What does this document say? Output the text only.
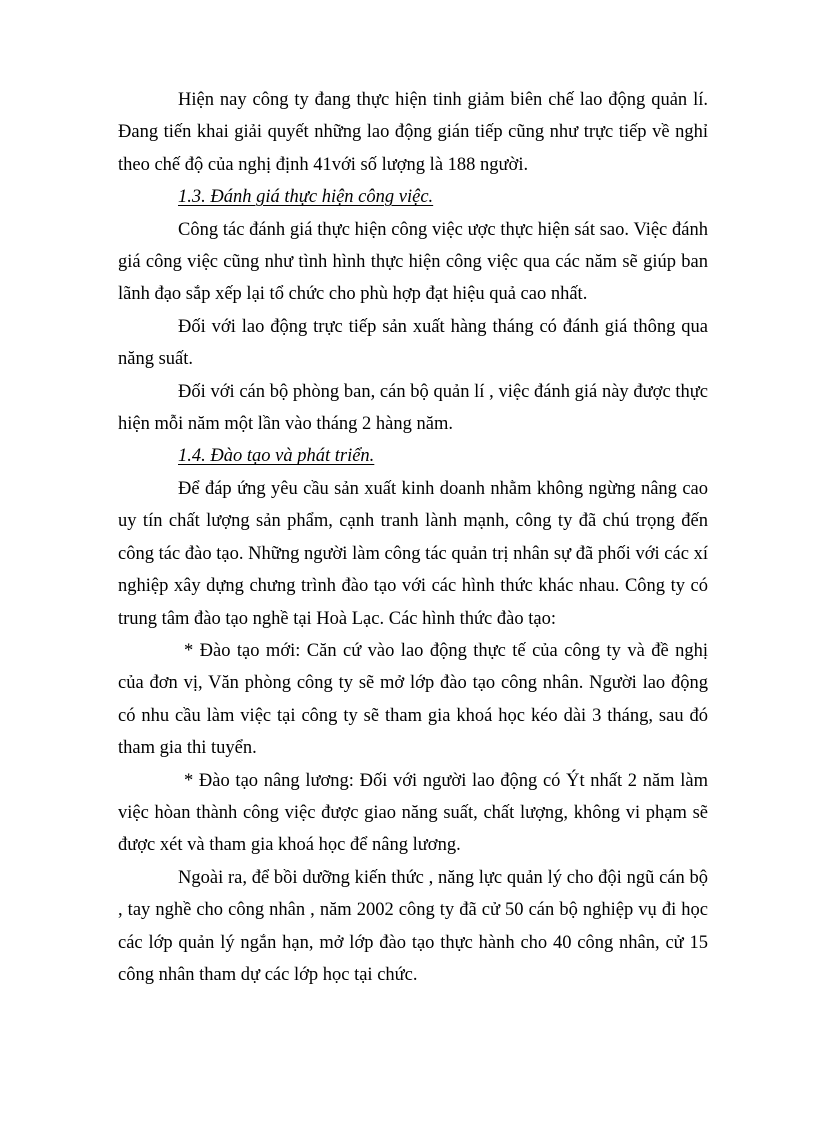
Hiện nay công ty đang thực hiện tinh giảm biên chế lao động quản lí. Đang tiến khai giải quyết những lao động gián tiếp cũng như trực tiếp về nghỉ theo chế độ của nghị định 41với số lượng là 188 người.

1.3. Đánh giá thực hiện công việc.

Công tác đánh giá thực hiện công việc ược thực hiện sát sao. Việc đánh giá công việc cũng như tình hình thực hiện công việc qua các năm sẽ giúp ban lãnh đạo sắp xếp lại tổ chức cho phù hợp đạt hiệu quả cao nhất.

Đối với lao động trực tiếp sản xuất hàng tháng có đánh giá thông qua năng suất.

Đối với cán bộ phòng ban, cán bộ quản lí , việc đánh giá này được thực hiện mỗi năm một lần vào tháng 2 hàng năm.

1.4. Đào tạo và phát triển.

Để đáp ứng yêu cầu sản xuất kinh doanh nhằm không ngừng nâng cao uy tín chất lượng sản phẩm, cạnh tranh lành mạnh, công ty đã chú trọng đến công tác đào tạo. Những người làm công tác quản trị nhân sự đã phối với các xí nghiệp xây dựng chưng trình đào tạo với các hình thức khác nhau. Công ty có trung tâm đào tạo nghề tại Hoà Lạc. Các hình thức đào tạo:

* Đào tạo mới: Căn cứ vào lao động thực tế của công ty và đề nghị của đơn vị, Văn phòng công ty sẽ mở lớp đào tạo công nhân. Người lao động có nhu cầu làm việc tại công ty sẽ tham gia khoá học kéo dài 3 tháng, sau đó tham gia thi tuyển.

* Đào tạo nâng lương: Đối với người lao động có Ýt nhất 2 năm làm việc hòan thành công việc được giao năng suất, chất lượng, không vi phạm sẽ được xét và tham gia khoá học để nâng lương.

Ngoài ra, để bồi dưỡng kiến thức , năng lực quản lý cho đội ngũ cán bộ , tay nghề cho công nhân , năm 2002 công ty đã cử 50 cán bộ nghiệp vụ đi học các lớp quản lý ngắn hạn, mở lớp đào tạo thực hành cho 40 công nhân, cử 15 công nhân tham dự các lớp học tại chức.
